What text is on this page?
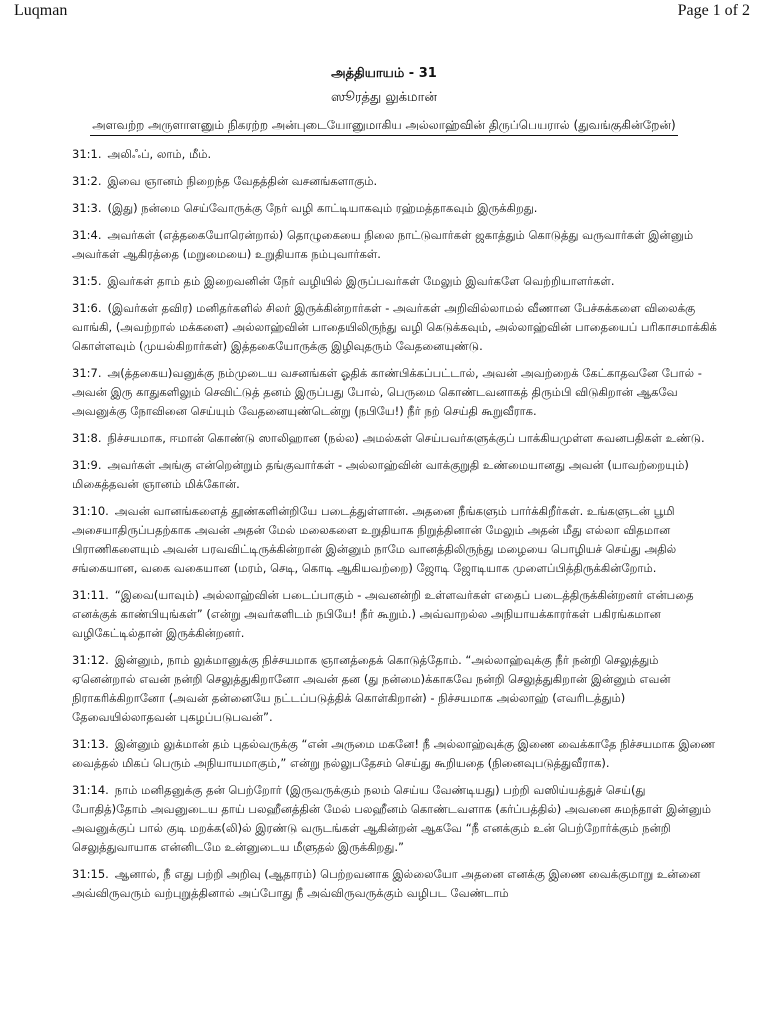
Luqman	Page 1 of 2
அத்தியாயம் - 31
ஸூரத்து லுக்மான்
அளவற்ற அருளாளனும் நிகரற்ற அன்புடையோனுமாகிய அல்லாஹ்வின் திருப்பெயரால் (துவங்குகின்றேன்)
31:1. அலிஃப், லாம், மீம்.
31:2. இவை ஞானம் நிறைந்த வேதத்தின் வசனங்களாகும்.
31:3. (இது) நன்மை செய்வோருக்கு நேர் வழி காட்டியாகவும் ரஹ்மத்தாகவும் இருக்கிறது.
31:4. அவர்கள் (எத்தகையோரென்றால்) தொழுகையை நிலை நாட்டுவார்கள் ஜகாத்தும் கொடுத்து வருவார்கள் இன்னும் அவர்கள் ஆகிரத்தை (மறுமையை) உறுதியாக நம்புவார்கள்.
31:5. இவர்கள் தாம் தம் இறைவனின் நேர் வழியில் இருப்பவர்கள் மேலும் இவர்களே வெற்றியாளர்கள்.
31:6. (இவர்கள் தவிர) மனிதர்களில் சிலர் இருக்கின்றார்கள் - அவர்கள் அறிவில்லாமல் வீணான பேச்சுக்களை விலைக்கு வாங்கி, (அவற்றால் மக்களை) அல்லாஹ்வின் பாதையிலிருந்து வழி கெடுக்கவும், அல்லாஹ்வின் பாதையைப் பரிகாசமாக்கிக் கொள்ளவும் (முயல்கிறார்கள்) இத்தகையோருக்கு இழிவுதரும் வேதனையுண்டு.
31:7. அ(த்தகைய)வனுக்கு நம்முடைய வசனங்கள் ஓதிக் காண்பிக்கப்பட்டால், அவன் அவற்றைக் கேட்காதவனே போல் - அவன் இரு காதுகளிலும் செவிட்டுத் தனம் இருப்பது போல், பெருமை கொண்டவனாகத் திரும்பி விடுகிறான் ஆகவே அவனுக்கு நோவினை செய்யும் வேதனையுண்டென்று (நபியே!) நீர் நற் செய்தி கூறுவீராக.
31:8. நிச்சயமாக, ஈமான் கொண்டு ஸாலிஹான (நல்ல) அமல்கள் செய்பவர்களுக்குப் பாக்கியமுள்ள சுவனபதிகள் உண்டு.
31:9. அவர்கள் அங்கு என்றென்றும் தங்குவார்கள் - அல்லாஹ்வின் வாக்குறுதி உண்மையானது அவன் (யாவற்றையும்) மிகைத்தவன் ஞானம் மிக்கோன்.
31:10. அவன் வானங்களைத் தூண்களின்றியே படைத்துள்ளான். அதனை நீங்களும் பார்க்கிறீர்கள். உங்களுடன் பூமி அசையாதிருப்பதற்காக அவன் அதன் மேல் மலைகளை உறுதியாக நிறுத்தினான் மேலும் அதன் மீது எல்லா விதமான பிராணிகளையும் அவன் பரவவிட்டிருக்கின்றான் இன்னும் நாமே வானத்திலிருந்து மழையை பொழியச் செய்து அதில் சங்கையான, வகை வகையான (மரம், செடி, கொடி ஆகியவற்றை) ஜோடி ஜோடியாக முளைப்பித்திருக்கின்றோம்.
31:11. “இவை(யாவும்) அல்லாஹ்வின் படைப்பாகும் - அவனன்றி உள்ளவர்கள் எதைப் படைத்திருக்கின்றனர் என்பதை எனக்குக் காண்பியுங்கள்” (என்று அவர்களிடம் நபியே! நீர் கூறும்.) அவ்வாறல்ல அநியாயக்காரர்கள் பகிரங்கமான வழிகேட்டில்தான் இருக்கின்றனர்.
31:12. இன்னும், நாம் லுக்மானுக்கு நிச்சயமாக ஞானத்தைக் கொடுத்தோம். “அல்லாஹ்வுக்கு நீர் நன்றி செலுத்தும் ஏனென்றால் எவன் நன்றி செலுத்துகிறானோ அவன் தன (து நன்மை)க்காகவே நன்றி செலுத்துகிறான் இன்னும் எவன் நிராகரிக்கிறானோ (அவன் தன்னையே நட்டப்படுத்திக் கொள்கிறான்) - நிச்சயமாக அல்லாஹ் (எவரிடத்தும்) தேவையில்லாதவன் புகழப்படுபவன்”.
31:13. இன்னும் லுக்மான் தம் புதல்வருக்கு “என் அருமை மகனே! நீ அல்லாஹ்வுக்கு இணை வைக்காதே நிச்சயமாக இணை வைத்தல் மிகப் பெரும் அநியாயமாகும்,” என்று நல்லுபதேசம் செய்து கூறியதை (நினைவுபடுத்துவீராக).
31:14. நாம் மனிதனுக்கு தன் பெற்றோர் (இருவருக்கும் நலம் செய்ய வேண்டியது) பற்றி வஸிய்யத்துச் செய்(து போதித்)தோம் அவனுடைய தாய் பலஹீனத்தின் மேல் பலஹீனம் கொண்டவளாக (கர்ப்பத்தில்) அவனை சுமந்தாள் இன்னும் அவனுக்குப் பால் குடி மறக்க(லி)ல் இரண்டு வருடங்கள் ஆகின்றன் ஆகவே “நீ எனக்கும் உன் பெற்றோர்க்கும் நன்றி செலுத்துவாயாக என்னிடமே உன்னுடைய மீளுதல் இருக்கிறது.”
31:15. ஆனால், நீ எது பற்றி அறிவு (ஆதாரம்) பெற்றவனாக இல்லையோ அதனை எனக்கு இணை வைக்குமாறு உன்னை அவ்விருவரும் வற்புறுத்தினால் அப்போது நீ அவ்விருவருக்கும் வழிபட வேண்டாம்
